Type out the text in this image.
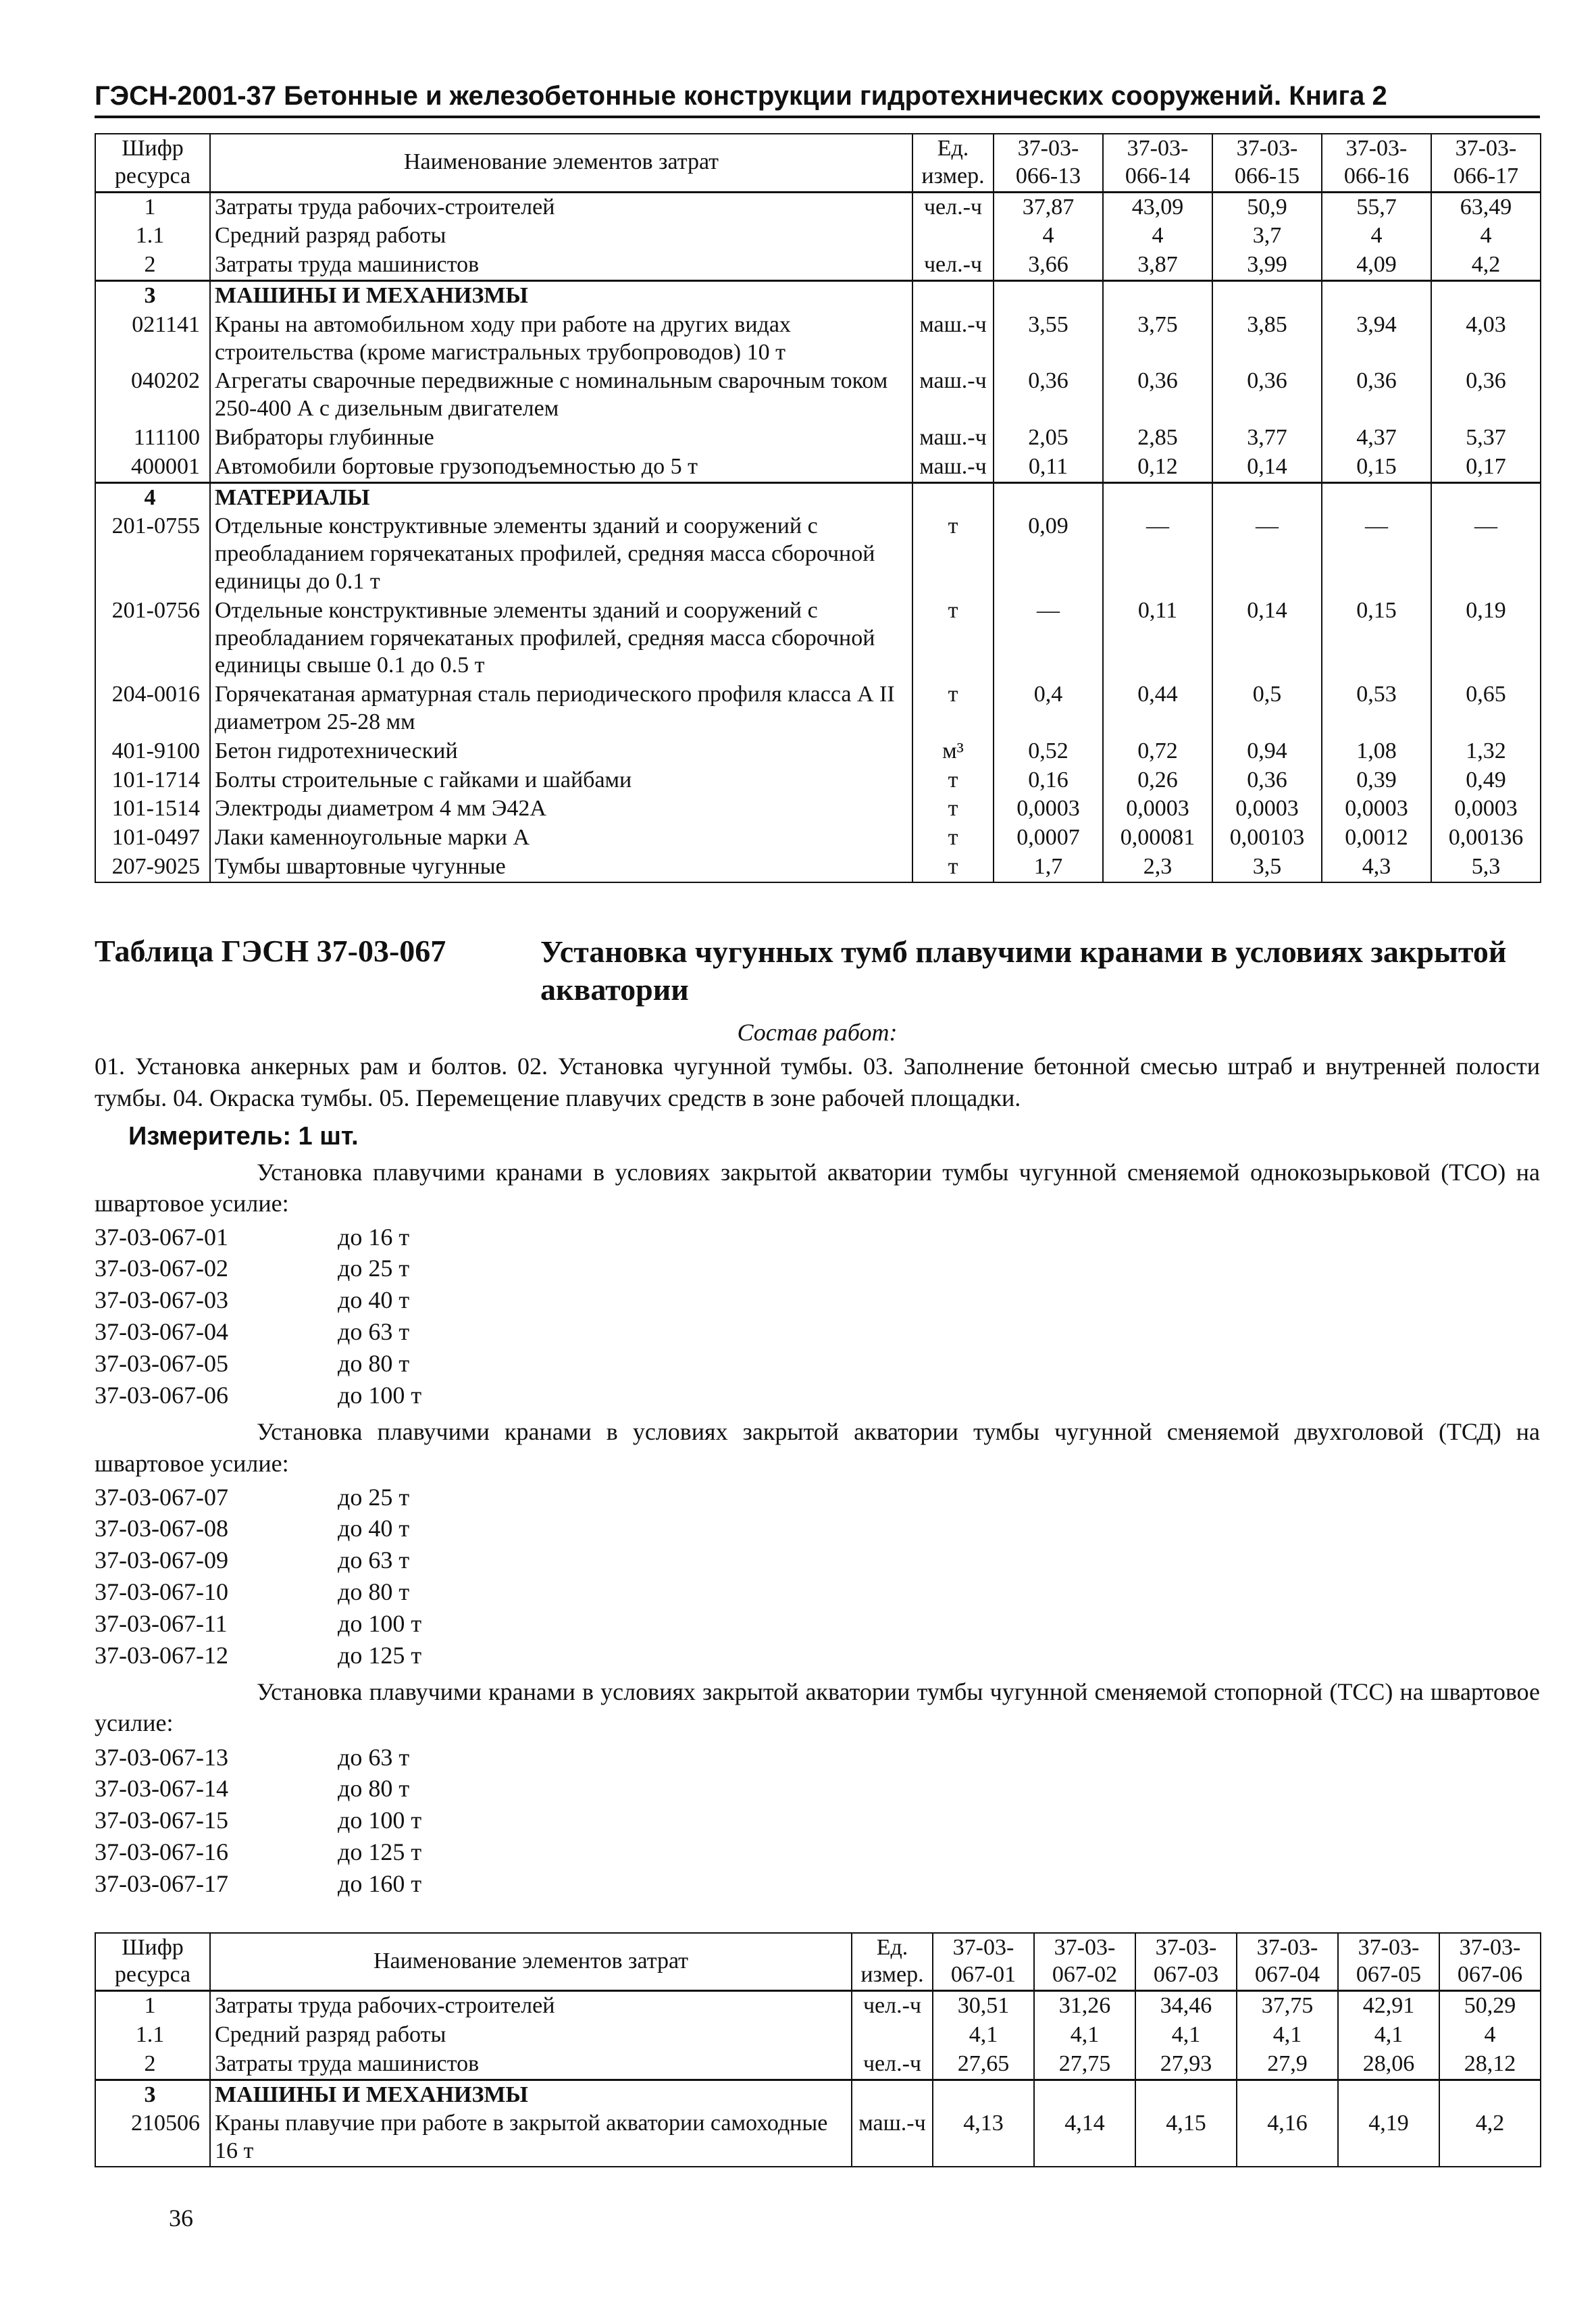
ГЭСН-2001-37 Бетонные и железобетонные конструкции гидротехнических сооружений. Книга 2
Шифр ресурса	Наименование элементов затрат	Ед. измер.	37-03-066-13	37-03-066-14	37-03-066-15	37-03-066-16	37-03-066-17
1	Затраты труда рабочих-строителей	чел.-ч	37,87	43,09	50,9	55,7	63,49
1.1	Средний разряд работы		4	4	3,7	4	4
2	Затраты труда машинистов	чел.-ч	3,66	3,87	3,99	4,09	4,2
3	МАШИНЫ И МЕХАНИЗМЫ						
021141	Краны на автомобильном ходу при работе на других видах строительства (кроме магистральных трубопроводов) 10 т	маш.-ч	3,55	3,75	3,85	3,94	4,03
040202	Агрегаты сварочные передвижные с номинальным сварочным током 250-400 А с дизельным двигателем	маш.-ч	0,36	0,36	0,36	0,36	0,36
111100	Вибраторы глубинные	маш.-ч	2,05	2,85	3,77	4,37	5,37
400001	Автомобили бортовые грузоподъемностью до 5 т	маш.-ч	0,11	0,12	0,14	0,15	0,17
4	МАТЕРИАЛЫ						
201-0755	Отдельные конструктивные элементы зданий и сооружений с преобладанием горячекатаных профилей, средняя масса сборочной единицы до 0.1 т	т	0,09	—	—	—	—
201-0756	Отдельные конструктивные элементы зданий и сооружений с преобладанием горячекатаных профилей, средняя масса сборочной единицы свыше 0.1 до 0.5 т	т	—	0,11	0,14	0,15	0,19
204-0016	Горячекатаная арматурная сталь периодического профиля класса А II диаметром 25-28 мм	т	0,4	0,44	0,5	0,53	0,65
401-9100	Бетон гидротехнический	м³	0,52	0,72	0,94	1,08	1,32
101-1714	Болты строительные с гайками и шайбами	т	0,16	0,26	0,36	0,39	0,49
101-1514	Электроды диаметром 4 мм Э42А	т	0,0003	0,0003	0,0003	0,0003	0,0003
101-0497	Лаки каменноугольные марки А	т	0,0007	0,00081	0,00103	0,0012	0,00136
207-9025	Тумбы швартовные чугунные	т	1,7	2,3	3,5	4,3	5,3
Таблица ГЭСН 37-03-067	Установка чугунных тумб плавучими кранами в условиях закрытой акватории
Состав работ:
01. Установка анкерных рам и болтов. 02. Установка чугунной тумбы. 03. Заполнение бетонной смесью штраб и внутренней полости тумбы. 04. Окраска тумбы. 05. Перемещение плавучих средств в зоне рабочей площадки.
Измеритель: 1 шт.
Установка плавучими кранами в условиях закрытой акватории тумбы чугунной сменяемой однокозырьковой (ТСО) на швартовое усилие:
37-03-067-01	до 16 т
37-03-067-02	до 25 т
37-03-067-03	до 40 т
37-03-067-04	до 63 т
37-03-067-05	до 80 т
37-03-067-06	до 100 т
Установка плавучими кранами в условиях закрытой акватории тумбы чугунной сменяемой двухголовой (ТСД) на швартовое усилие:
37-03-067-07	до 25 т
37-03-067-08	до 40 т
37-03-067-09	до 63 т
37-03-067-10	до 80 т
37-03-067-11	до 100 т
37-03-067-12	до 125 т
Установка плавучими кранами в условиях закрытой акватории тумбы чугунной сменяемой стопорной (ТСС) на швартовое усилие:
37-03-067-13	до 63 т
37-03-067-14	до 80 т
37-03-067-15	до 100 т
37-03-067-16	до 125 т
37-03-067-17	до 160 т
Шифр ресурса	Наименование элементов затрат	Ед. измер.	37-03-067-01	37-03-067-02	37-03-067-03	37-03-067-04	37-03-067-05	37-03-067-06
1	Затраты труда рабочих-строителей	чел.-ч	30,51	31,26	34,46	37,75	42,91	50,29
1.1	Средний разряд работы		4,1	4,1	4,1	4,1	4,1	4
2	Затраты труда машинистов	чел.-ч	27,65	27,75	27,93	27,9	28,06	28,12
3	МАШИНЫ И МЕХАНИЗМЫ							
210506	Краны плавучие при работе в закрытой акватории самоходные 16 т	маш.-ч	4,13	4,14	4,15	4,16	4,19	4,2
36
